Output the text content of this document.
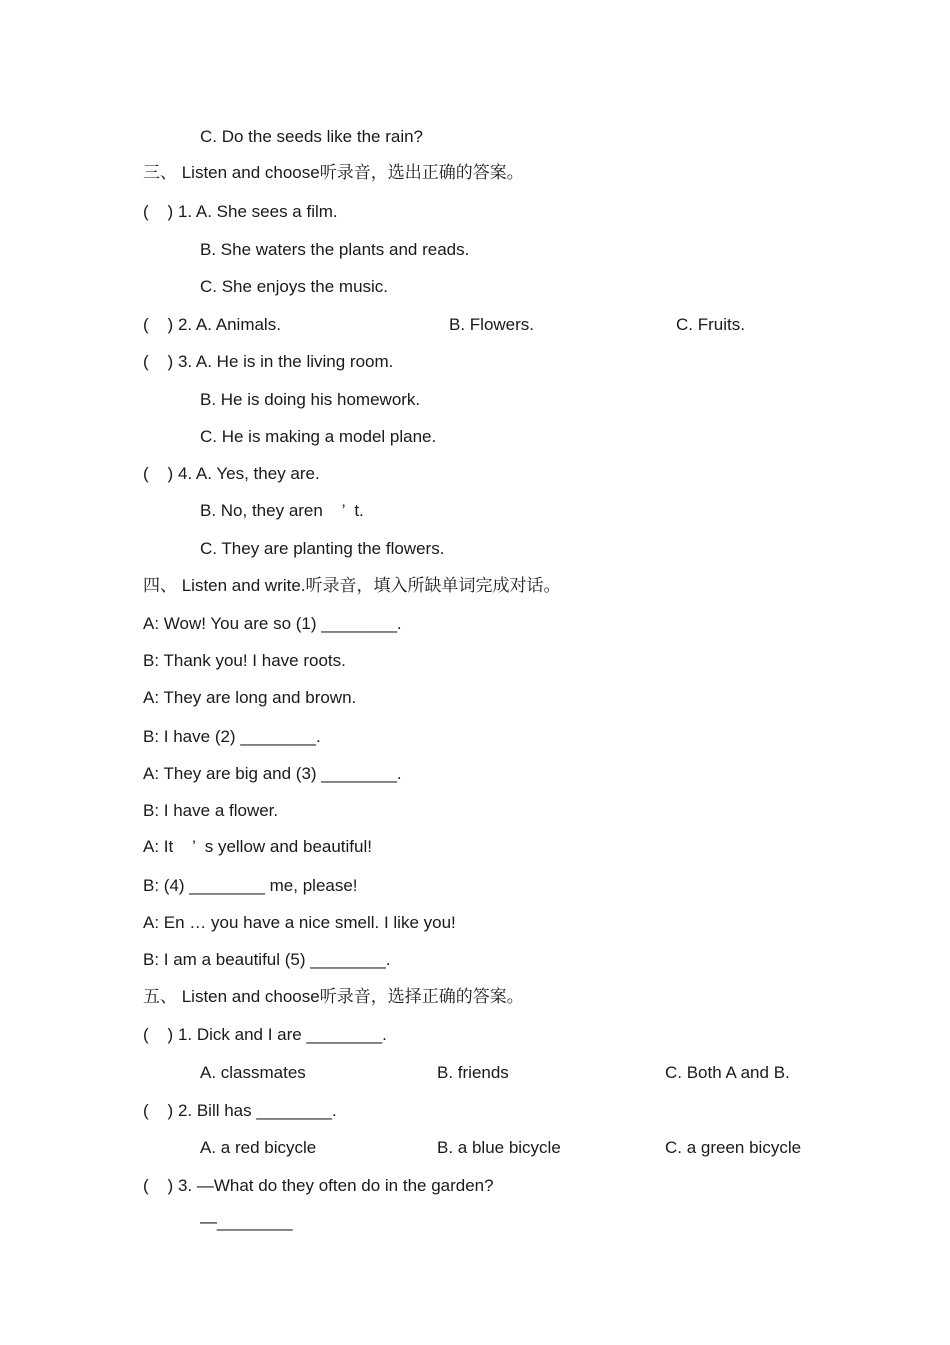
C. Do the seeds like the rain?
三、 Listen and choose听录音，选出正确的答案。
(    ) 1. A. She sees a film.
B. She waters the plants and reads.
C. She enjoys the music.
(    ) 2. A. Animals.	B. Flowers.	C. Fruits.
(    ) 3. A. He is in the living room.
B. He is doing his homework.
C. He is making a model plane.
(    ) 4. A. Yes, they are.
B. No, they aren    ’  t.
C. They are planting the flowers.
四、 Listen and write.听录音，填入所缺单词完成对话。
A: Wow! You are so (1) ________.
B: Thank you! I have roots.
A: They are long and brown.
B: I have (2) ________.
A: They are big and (3) ________.
B: I have a flower.
A: It    ’  s yellow and beautiful!
B: (4) ________ me, please!
A: En … you have a nice smell. I like you!
B: I am a beautiful (5) ________.
五、 Listen and choose听录音，选择正确的答案。
(    ) 1. Dick and I are ________.
A. classmates	B. friends	C. Both A and B.
(    ) 2. Bill has ________.
A. a red bicycle	B. a blue bicycle	C. a green bicycle
(    ) 3. —What do they often do in the garden?
—________
